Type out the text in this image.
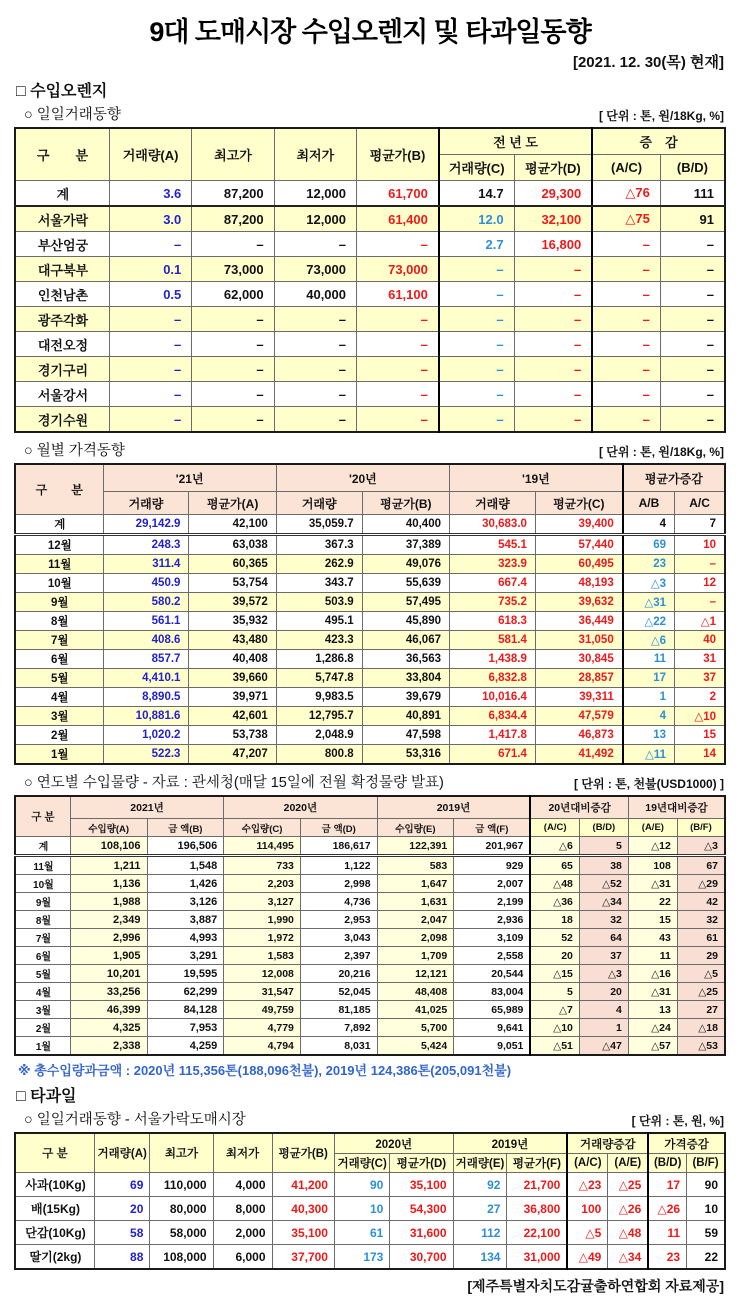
9대 도매시장 수입오렌지 및 타과일동향
[2021. 12. 30(목) 현재]
□ 수입오렌지
○ 일일거래동향	[ 단위 : 톤, 원/18Kg, %]
구　　분	거래량(A)	최고가	최저가	평균가(B)	전 년 도		증　감	
					거래량(C)	평균가(D)	(A/C)	(B/D)
계	3.6	87,200	12,000	61,700	14.7	29,300	△76	111
서울가락	3.0	87,200	12,000	61,400	12.0	32,100	△75	91
부산엄궁	–	–	–	–	2.7	16,800	–	–
대구북부	0.1	73,000	73,000	73,000	–	–	–	–
인천남촌	0.5	62,000	40,000	61,100	–	–	–	–
광주각화	–	–	–	–	–	–	–	–
대전오정	–	–	–	–	–	–	–	–
경기구리	–	–	–	–	–	–	–	–
서울강서	–	–	–	–	–	–	–	–
경기수원	–	–	–	–	–	–	–	–
○ 월별 가격동향	[ 단위 : 톤, 원/18Kg, %]
구　　분	'21년		'20년		'19년		평균가증감	
	거래량	평균가(A)	거래량	평균가(B)	거래량	평균가(C)	A/B	A/C
계	29,142.9	42,100	35,059.7	40,400	30,683.0	39,400	4	7
12월	248.3	63,038	367.3	37,389	545.1	57,440	69	10
11월	311.4	60,365	262.9	49,076	323.9	60,495	23	–
10월	450.9	53,754	343.7	55,639	667.4	48,193	△3	12
9월	580.2	39,572	503.9	57,495	735.2	39,632	△31	–
8월	561.1	35,932	495.1	45,890	618.3	36,449	△22	△1
7월	408.6	43,480	423.3	46,067	581.4	31,050	△6	40
6월	857.7	40,408	1,286.8	36,563	1,438.9	30,845	11	31
5월	4,410.1	39,660	5,747.8	33,804	6,832.8	28,857	17	37
4월	8,890.5	39,971	9,983.5	39,679	10,016.4	39,311	1	2
3월	10,881.6	42,601	12,795.7	40,891	6,834.4	47,579	4	△10
2월	1,020.2	53,738	2,048.9	47,598	1,417.8	46,873	13	15
1월	522.3	47,207	800.8	53,316	671.4	41,492	△11	14
○ 연도별 수입물량 - 자료 : 관세청(매달 15일에 전월 확정물량 발표)	[ 단위 : 톤, 천불(USD1000) ]
구 분	2021년		2020년		2019년		20년대비증감		19년대비증감	
	수입량(A)	금 액(B)	수입량(C)	금 액(D)	수입량(E)	금 액(F)	(A/C)	(B/D)	(A/E)	(B/F)
계	108,106	196,506	114,495	186,617	122,391	201,967	△6	5	△12	△3
11월	1,211	1,548	733	1,122	583	929	65	38	108	67
10월	1,136	1,426	2,203	2,998	1,647	2,007	△48	△52	△31	△29
9월	1,988	3,126	3,127	4,736	1,631	2,199	△36	△34	22	42
8월	2,349	3,887	1,990	2,953	2,047	2,936	18	32	15	32
7월	2,996	4,993	1,972	3,043	2,098	3,109	52	64	43	61
6월	1,905	3,291	1,583	2,397	1,709	2,558	20	37	11	29
5월	10,201	19,595	12,008	20,216	12,121	20,544	△15	△3	△16	△5
4월	33,256	62,299	31,547	52,045	48,408	83,004	5	20	△31	△25
3월	46,399	84,128	49,759	81,185	41,025	65,989	△7	4	13	27
2월	4,325	7,953	4,779	7,892	5,700	9,641	△10	1	△24	△18
1월	2,338	4,259	4,794	8,031	5,424	9,051	△51	△47	△57	△53
※ 총수입량과금액 : 2020년 115,356톤(188,096천불), 2019년 124,386톤(205,091천불)
□ 타과일
○ 일일거래동향 - 서울가락도매시장	[ 단위 : 톤, 원, %]
구 분	거래량(A)	최고가	최저가	평균가(B)	2020년		2019년		거래량증감		가격증감	
					거래량(C)	평균가(D)	거래량(E)	평균가(F)	(A/C)	(A/E)	(B/D)	(B/F)
사과(10Kg)	69	110,000	4,000	41,200	90	35,100	92	21,700	△23	△25	17	90
배(15Kg)	20	80,000	8,000	40,300	10	54,300	27	36,800	100	△26	△26	10
단감(10Kg)	58	58,000	2,000	35,100	61	31,600	112	22,100	△5	△48	11	59
딸기(2kg)	88	108,000	6,000	37,700	173	30,700	134	31,000	△49	△34	23	22
[제주특별자치도감귤출하연합회 자료제공]
